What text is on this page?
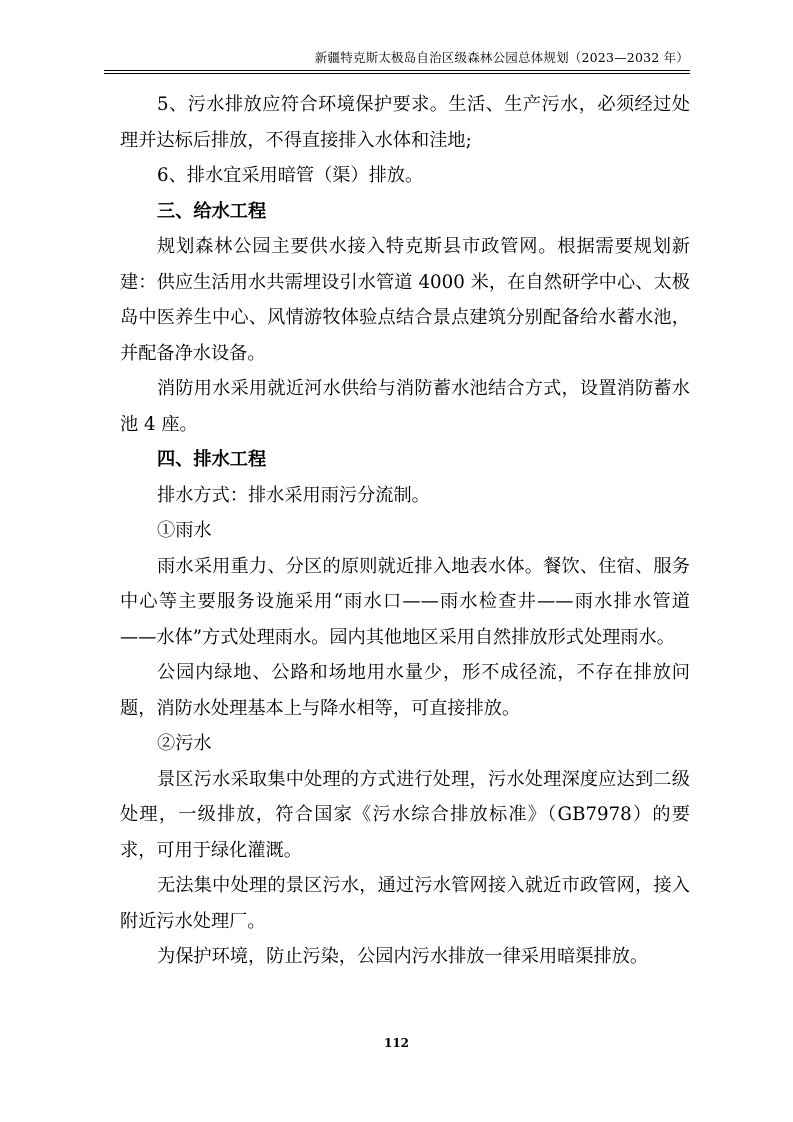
新疆特克斯太极岛自治区级森林公园总体规划（2023—2032 年）

5、污水排放应符合环境保护要求。生活、生产污水，必须经过处理并达标后排放，不得直接排入水体和洼地;

6、排水宜采用暗管（渠）排放。

三、给水工程

规划森林公园主要供水接入特克斯县市政管网。根据需要规划新建：供应生活用水共需埋设引水管道 4000 米，在自然研学中心、太极岛中医养生中心、风情游牧体验点结合景点建筑分别配备给水蓄水池，并配备净水设备。

消防用水采用就近河水供给与消防蓄水池结合方式，设置消防蓄水池 4 座。

四、排水工程

排水方式：排水采用雨污分流制。

①雨水

雨水采用重力、分区的原则就近排入地表水体。餐饮、住宿、服务中心等主要服务设施采用“雨水口——雨水检查井——雨水排水管道——水体”方式处理雨水。园内其他地区采用自然排放形式处理雨水。

公园内绿地、公路和场地用水量少，形不成径流，不存在排放问题，消防水处理基本上与降水相等，可直接排放。

②污水

景区污水采取集中处理的方式进行处理，污水处理深度应达到二级处理，一级排放，符合国家《污水综合排放标准》（GB7978）的要求，可用于绿化灌溉。

无法集中处理的景区污水，通过污水管网接入就近市政管网，接入附近污水处理厂。

为保护环境，防止污染，公园内污水排放一律采用暗渠排放。

112
